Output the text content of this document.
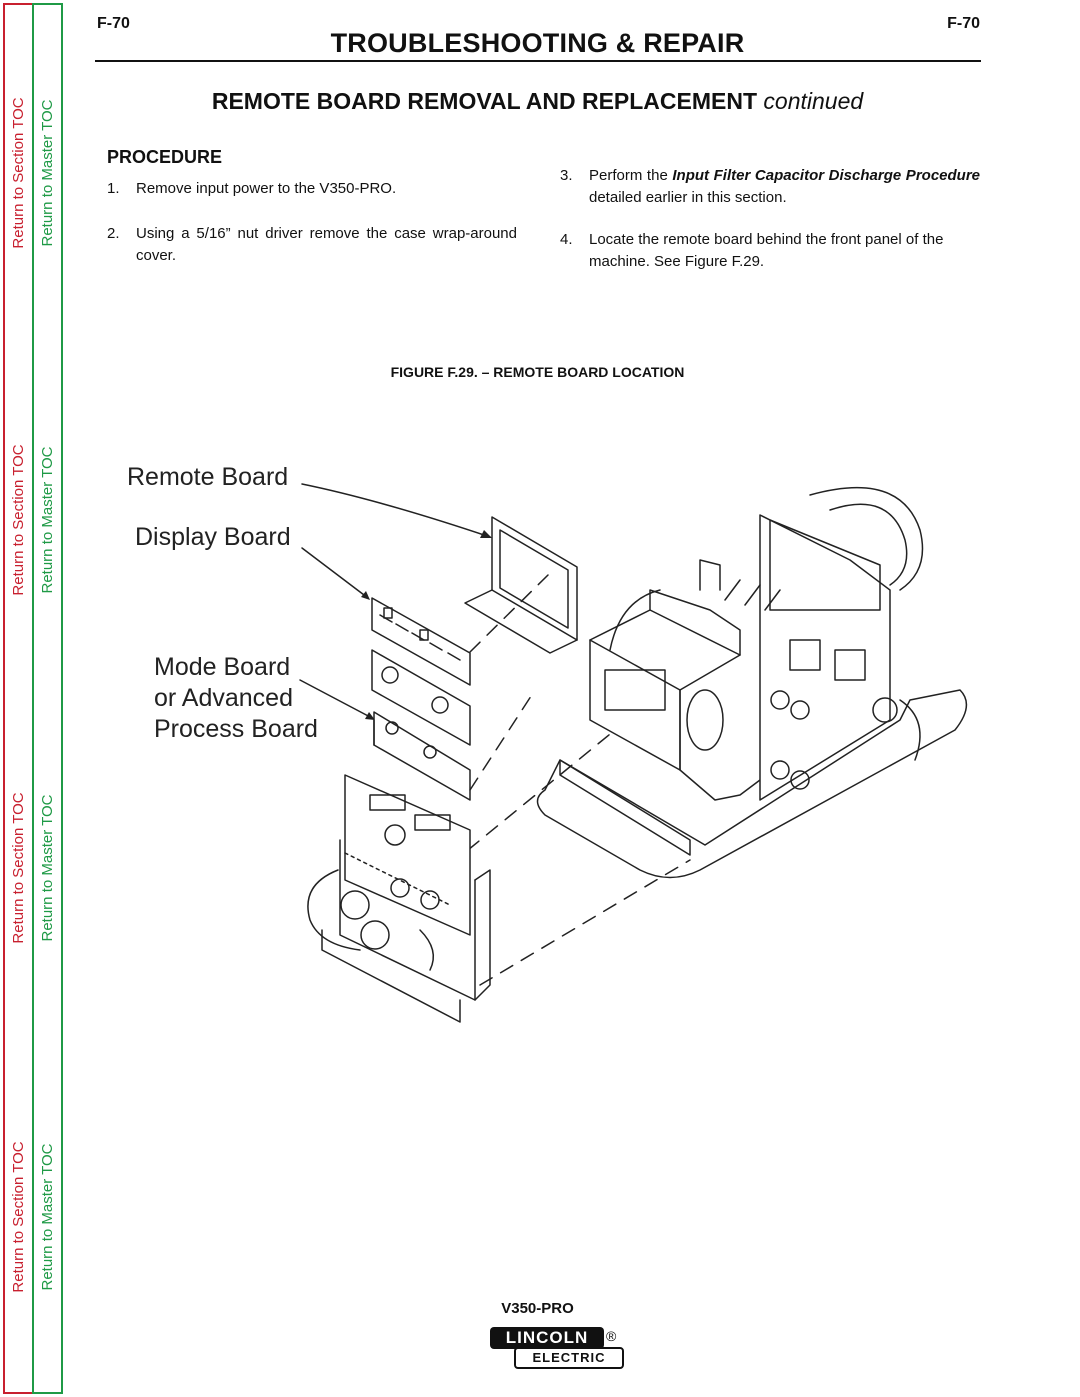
Return to Section TOC
Return to Section TOC
Return to Section TOC
Return to Section TOC
Return to Master TOC
Return to Master TOC
Return to Master TOC
Return to Master TOC
F-70	F-70
TROUBLESHOOTING & REPAIR
REMOTE BOARD REMOVAL AND REPLACEMENT continued
PROCEDURE
1. Remove input power to the V350-PRO.
2. Using a 5/16” nut driver remove the case wrap-around cover.
3. Perform the Input Filter Capacitor Discharge Procedure detailed earlier in this section.
4. Locate the remote board behind the front panel of the machine. See Figure F.29.
FIGURE F.29. – REMOTE BOARD LOCATION
Remote Board
Display Board
Mode Board
or Advanced
Process Board
V350-PRO
LINCOLN	®
ELECTRIC
